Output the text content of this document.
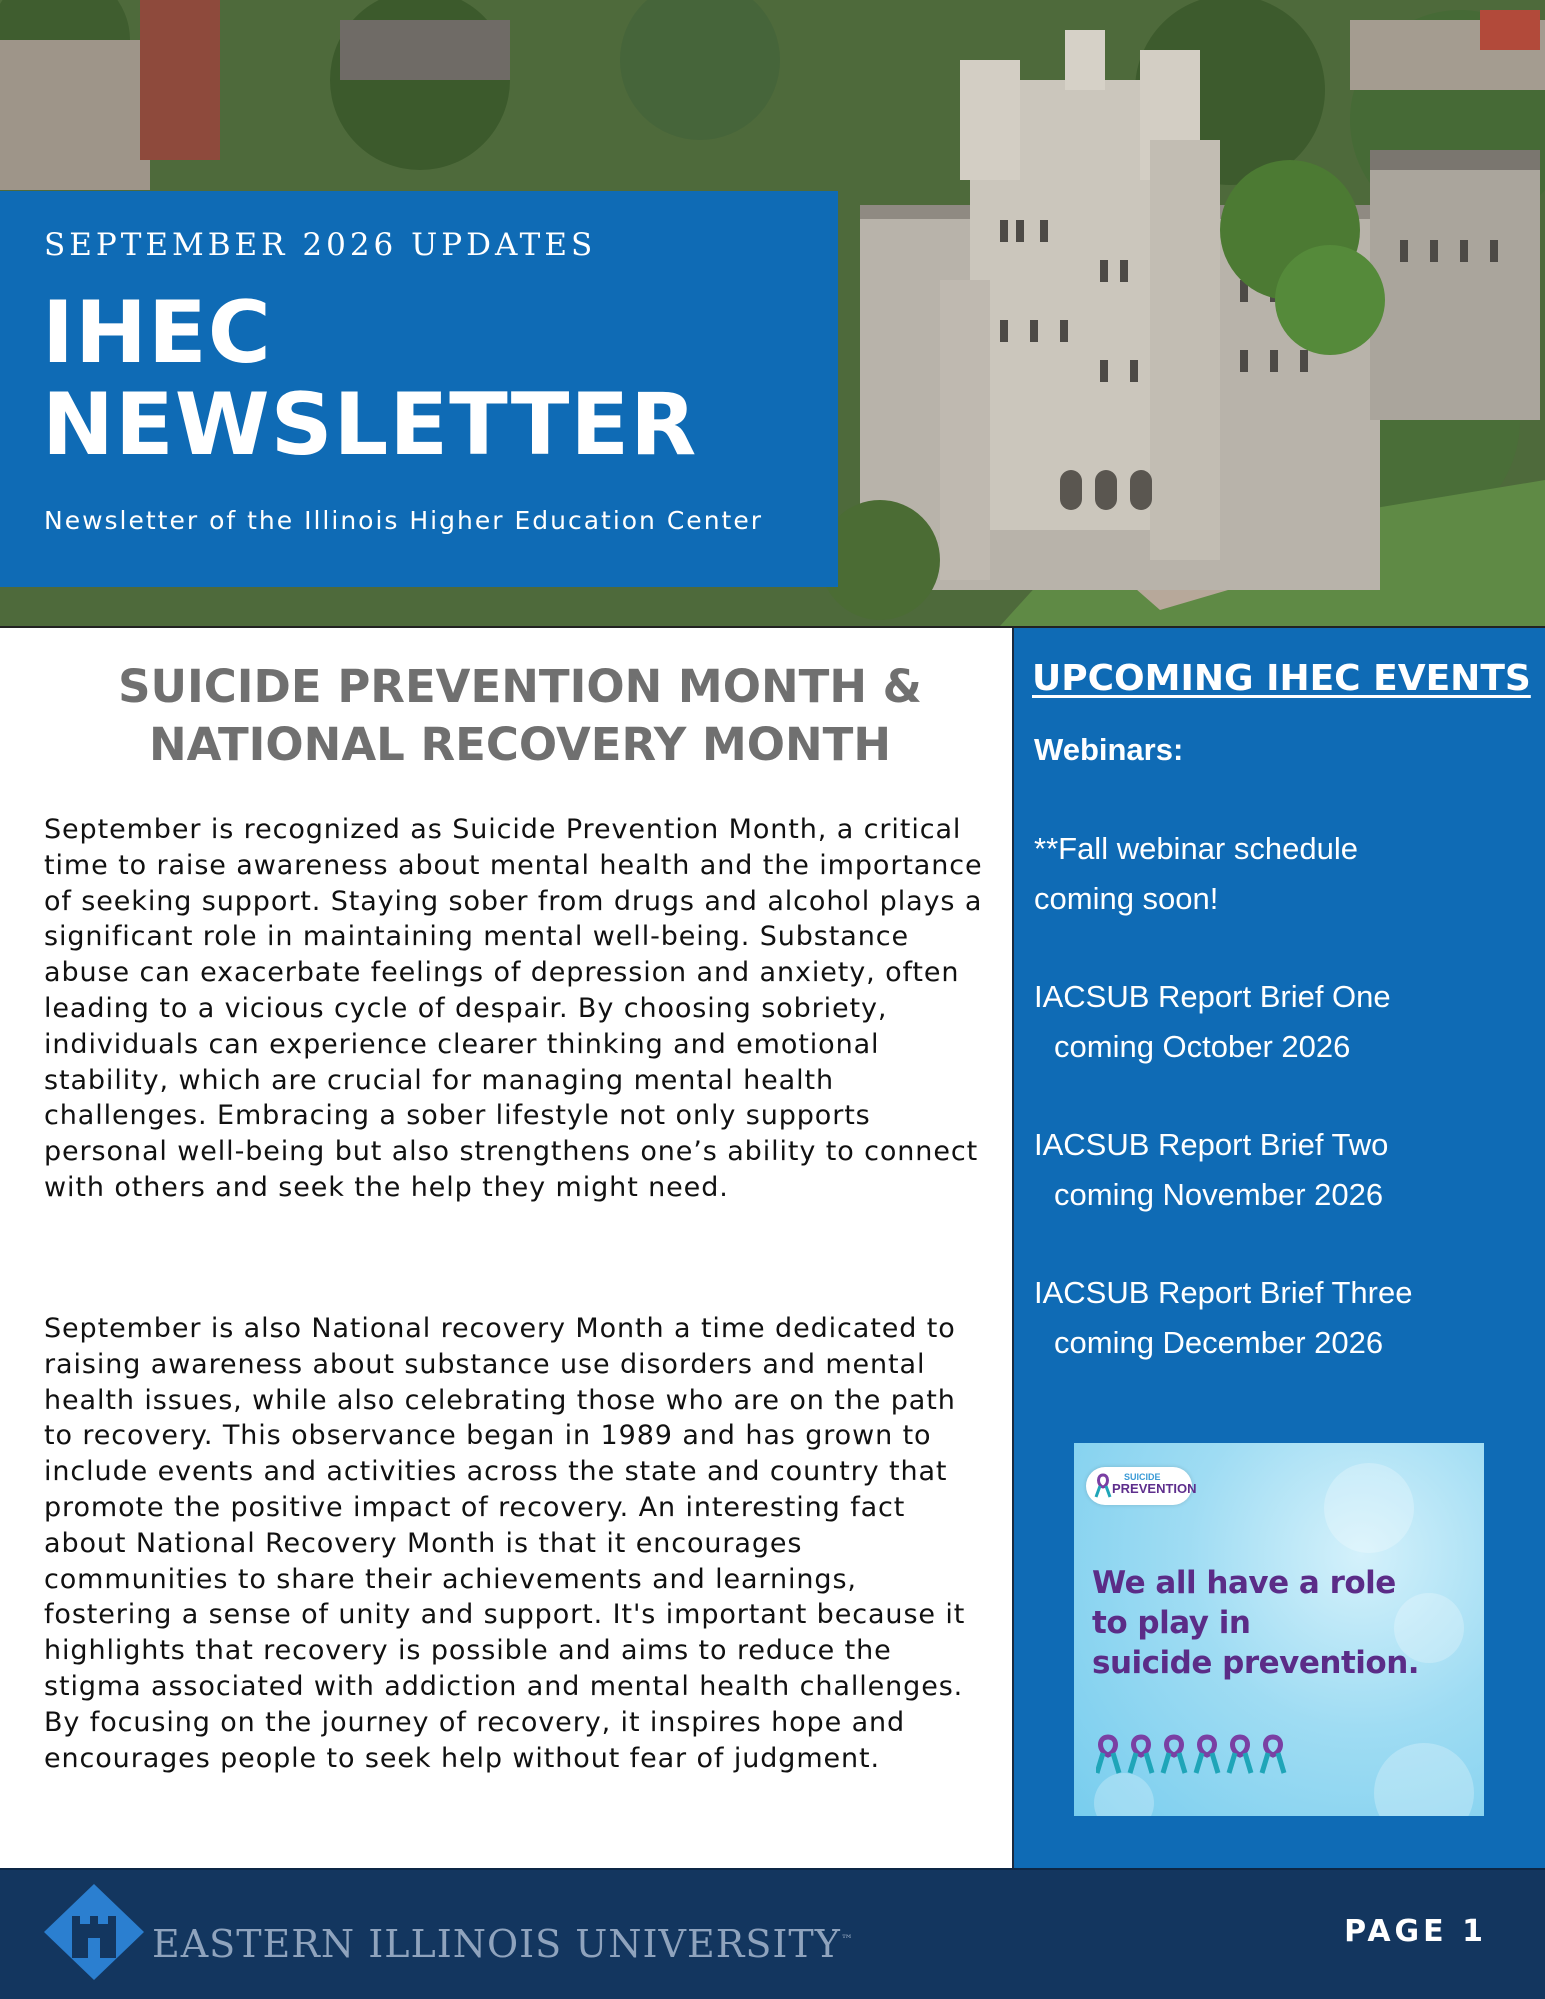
SEPTEMBER 2026 UPDATES
IHEC
NEWSLETTER
Newsletter of the Illinois Higher Education Center
SUICIDE PREVENTION MONTH &
NATIONAL RECOVERY MONTH

September is recognized as Suicide Prevention Month, a critical time to raise awareness about mental health and the importance of seeking support. Staying sober from drugs and alcohol plays a significant role in maintaining mental well-being. Substance abuse can exacerbate feelings of depression and anxiety, often leading to a vicious cycle of despair. By choosing sobriety, individuals can experience clearer thinking and emotional stability, which are crucial for managing mental health challenges. Embracing a sober lifestyle not only supports personal well-being but also strengthens one’s ability to connect with others and seek the help they might need.

September is also National recovery Month a time dedicated to raising awareness about substance use disorders and mental health issues, while also celebrating those who are on the path to recovery. This observance began in 1989 and has grown to include events and activities across the state and country that promote the positive impact of recovery. An interesting fact about National Recovery Month is that it encourages communities to share their achievements and learnings, fostering a sense of unity and support. It's important because it highlights that recovery is possible and aims to reduce the stigma associated with addiction and mental health challenges. By focusing on the journey of recovery, it inspires hope and encourages people to seek help without fear of judgment.

UPCOMING IHEC EVENTS
Webinars:
**Fall webinar schedule
coming soon!
IACSUB Report Brief One
coming October 2026
IACSUB Report Brief Two
coming November 2026
IACSUB Report Brief Three
coming December 2026
SUICIDE
PREVENTION
We all have a role
to play in
suicide prevention.
EASTERN ILLINOIS UNIVERSITY™	PAGE 1
